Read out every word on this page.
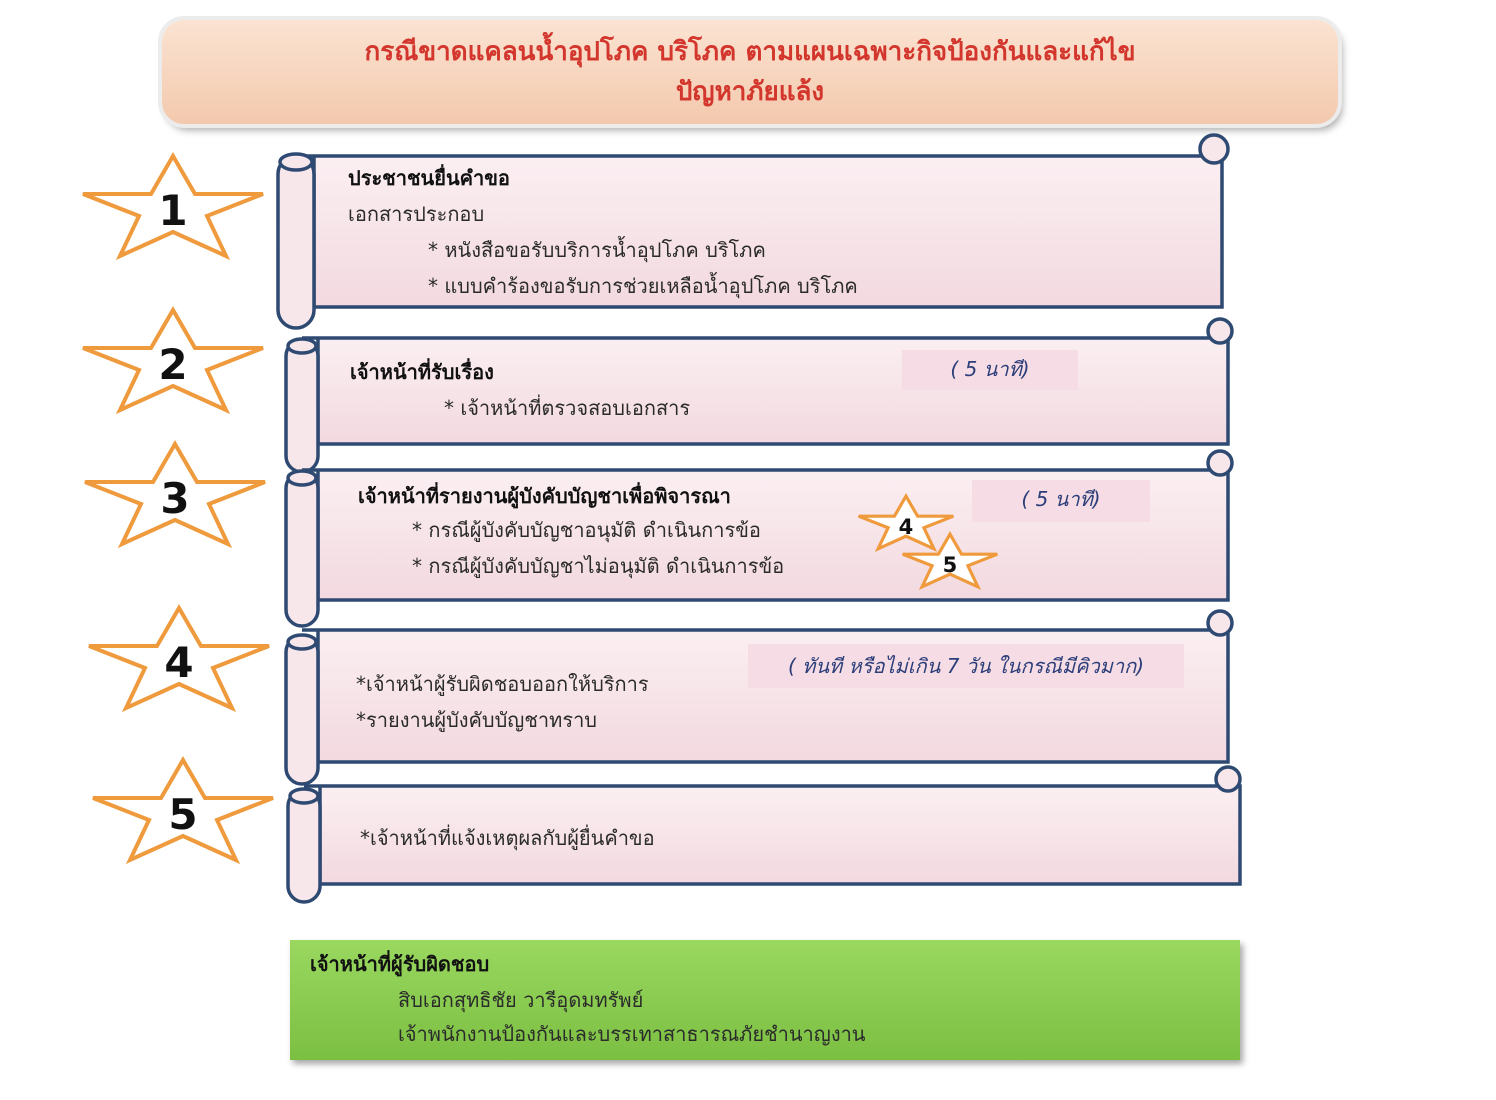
กรณีขาดแคลนน้ำอุปโภค บริโภค ตามแผนเฉพาะกิจป้องกันและแก้ไข
ปัญหาภัยแล้ง
1
ประชาชนยื่นคำขอ
เอกสารประกอบ
* หนังสือขอรับบริการน้ำอุปโภค บริโภค
* แบบคำร้องขอรับการช่วยเหลือน้ำอุปโภค บริโภค
2	เจ้าหน้าที่รับเรื่อง
* เจ้าหน้าที่ตรวจสอบเอกสาร
( 5 นาที)
3	เจ้าหน้าที่รายงานผู้บังคับบัญชาเพื่อพิจารณา
* กรณีผู้บังคับบัญชาอนุมัติ ดำเนินการข้อ
* กรณีผู้บังคับบัญชาไม่อนุมัติ ดำเนินการข้อ
4
5
( 5 นาที)
4	*เจ้าหน้าผู้รับผิดชอบออกให้บริการ
*รายงานผู้บังคับบัญชาทราบ
( ทันที หรือไม่เกิน 7 วัน ในกรณีมีคิวมาก)
5	*เจ้าหน้าที่แจ้งเหตุผลกับผู้ยื่นคำขอ
เจ้าหน้าที่ผู้รับผิดชอบ
สิบเอกสุทธิชัย วารีอุดมทรัพย์
เจ้าพนักงานป้องกันและบรรเทาสาธารณภัยชำนาญงาน
